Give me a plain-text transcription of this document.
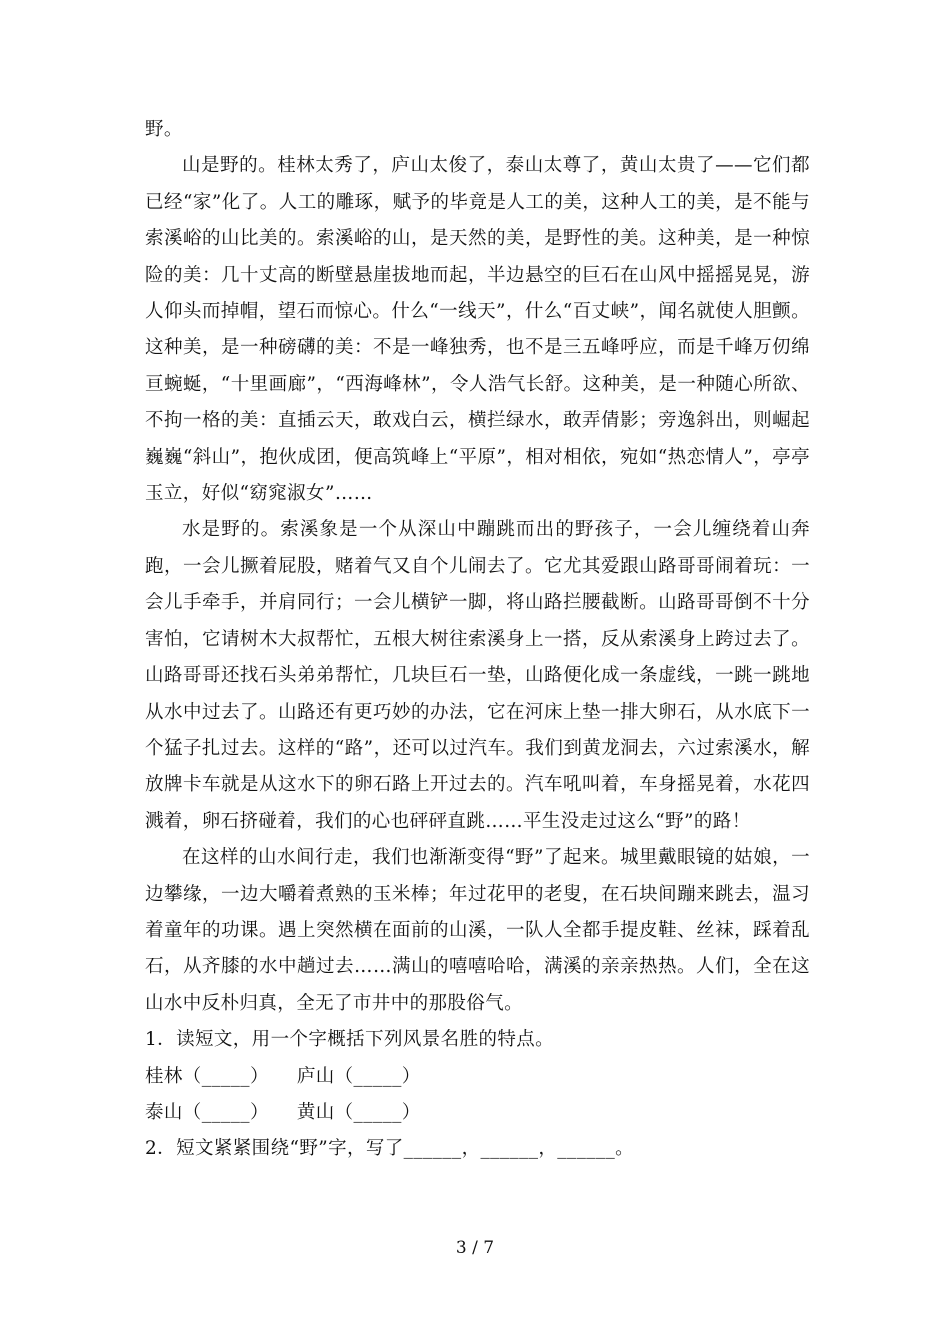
野。

山是野的。桂林太秀了，庐山太俊了，泰山太尊了，黄山太贵了——它们都已经“家”化了。人工的雕琢，赋予的毕竟是人工的美，这种人工的美，是不能与索溪峪的山比美的。索溪峪的山，是天然的美，是野性的美。这种美，是一种惊险的美：几十丈高的断壁悬崖拔地而起，半边悬空的巨石在山风中摇摇晃晃，游人仰头而掉帽，望石而惊心。什么“一线天”，什么“百丈峡”，闻名就使人胆颤。这种美，是一种磅礴的美：不是一峰独秀，也不是三五峰呼应，而是千峰万仞绵亘蜿蜒，“十里画廊”，“西海峰林”，令人浩气长舒。这种美，是一种随心所欲、不拘一格的美：直插云天，敢戏白云，横拦绿水，敢弄倩影；旁逸斜出，则崛起巍巍“斜山”，抱伙成团，便高筑峰上“平原”，相对相依，宛如“热恋情人”，亭亭玉立，好似“窈窕淑女”……

水是野的。索溪象是一个从深山中蹦跳而出的野孩子，一会儿缠绕着山奔跑，一会儿撅着屁股，赌着气又自个儿闹去了。它尤其爱跟山路哥哥闹着玩：一会儿手牵手，并肩同行；一会儿横铲一脚，将山路拦腰截断。山路哥哥倒不十分害怕，它请树木大叔帮忙，五根大树往索溪身上一搭，反从索溪身上跨过去了。山路哥哥还找石头弟弟帮忙，几块巨石一垫，山路便化成一条虚线，一跳一跳地从水中过去了。山路还有更巧妙的办法，它在河床上垫一排大卵石，从水底下一个猛子扎过去。这样的“路”，还可以过汽车。我们到黄龙洞去，六过索溪水，解放牌卡车就是从这水下的卵石路上开过去的。汽车吼叫着，车身摇晃着，水花四溅着，卵石挤碰着，我们的心也砰砰直跳……平生没走过这么“野”的路！

在这样的山水间行走，我们也渐渐变得“野”了起来。城里戴眼镜的姑娘，一边攀缘，一边大嚼着煮熟的玉米棒；年过花甲的老叟，在石块间蹦来跳去，温习着童年的功课。遇上突然横在面前的山溪，一队人全都手提皮鞋、丝袜，踩着乱石，从齐膝的水中趟过去……满山的嘻嘻哈哈，满溪的亲亲热热。人们，全在这山水中反朴归真，全无了市井中的那股俗气。

1．读短文，用一个字概括下列风景名胜的特点。

桂林（_____） 庐山（_____）

泰山（_____） 黄山（_____）

2．短文紧紧围绕“野”字，写了______，______，______。

3 / 7
